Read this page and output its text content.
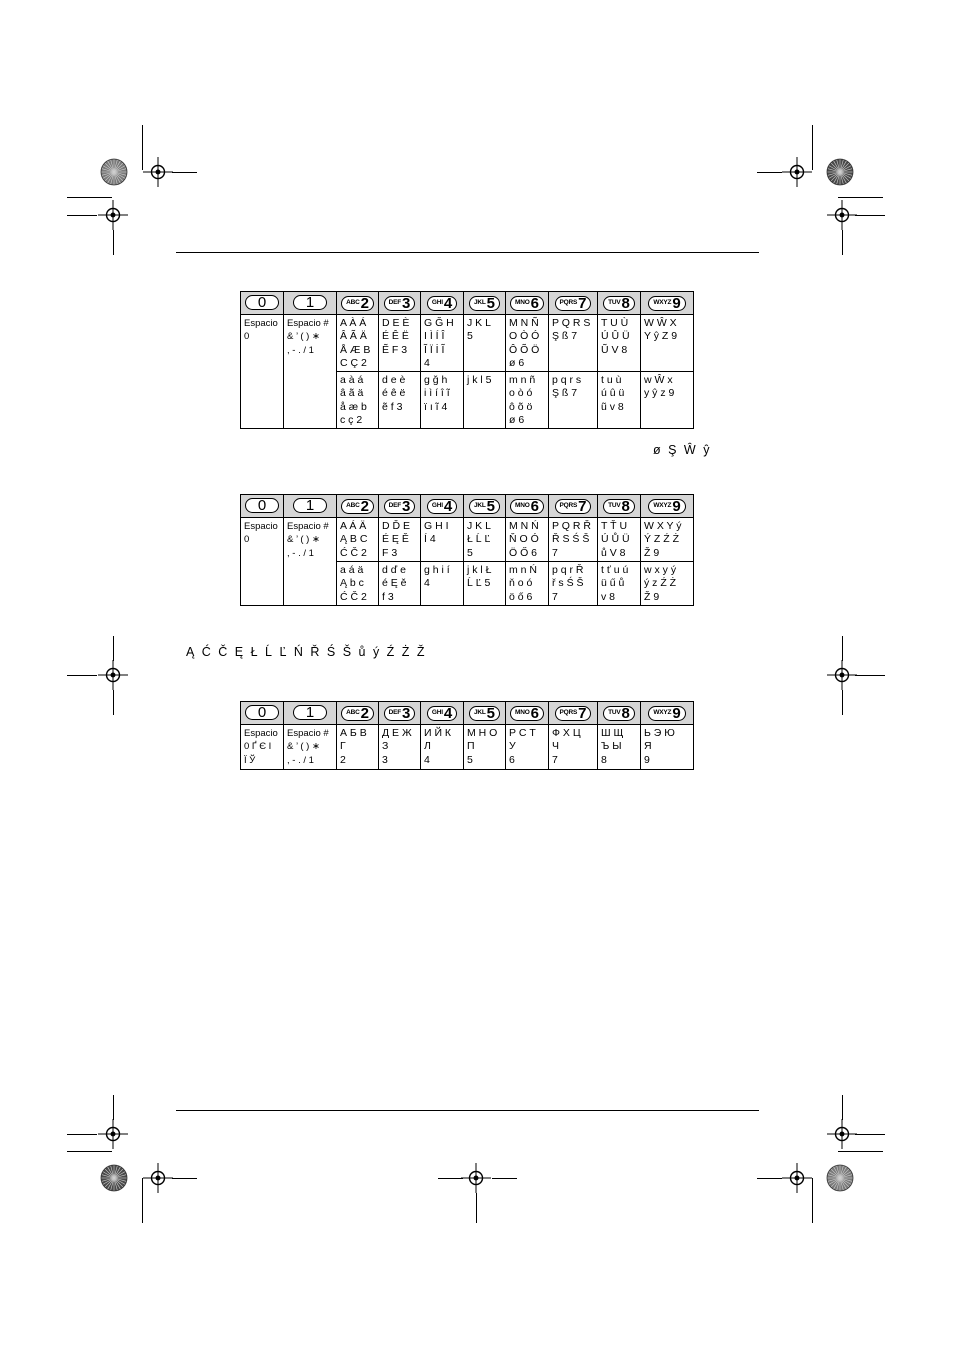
0	1	ABC 2	DEF 3	GHI 4	JKL 5	MNO 6	PQRS 7	TUV 8	WXYZ 9

Espacio
0	Espacio #
& ’ ( ) ∗
, - . / 1	A À Á
Â Ã Ä
Å Æ B
C Ç 2	D E È
É Ê Ë
Ẽ F 3	G Ğ H
I Ì Í Î
Ĩ Ï İ Ĩ
4	J K L
5	M N Ñ
O Ò Ó
Ô Õ Ö
ø 6	P Q R S
Ş ß 7	T U Ù
Ú Û Ü
Ũ V 8	W Ŵ X
Y ŷ Z 9
		a à á
â ã ä
å æ b
c ç 2	d e è
é ê ë
ẽ f 3	g ğ h
i ì í î ĩ
ï ı ĩ 4	j k l 5	m n ñ
o ò ó
ô õ ö
ø 6	p q r s
Ş ß 7	t u ù
ú û ü
ũ v 8	w Ŵ x
y ŷ z 9
ø Ş Ŵ ŷ
0	1	ABC 2	DEF 3	GHI 4	JKL 5	MNO 6	PQRS 7	TUV 8	WXYZ 9

Espacio
0	Espacio #
& ’ ( ) ∗
, - . / 1	A Á Ä
Ą B C
Ć Č 2	D Ď E
É Ę Ě
F 3	G H I
Í 4	J K L
Ł Ĺ Ľ
5	M N Ń
Ň O Ó
Ö Ő 6	P Q R Ř
Ř S Ś Š
7	T Ť U
Ú Ů Ü
ů V 8	W X Y ý
Ý Z Ź Ż
Ž 9
		a á ä
Ą b c
Ć Č 2	d ď e
é Ę ě
f 3	g h i í
4	j k l Ł
Ĺ Ľ 5	m n Ń
ň o ó
ö ő 6	p q r Ř
ř s Ś Š
7	t ť u ú
ü ű ů
v 8	w x y ý
ý z Ź Ż
Ž 9
Ą Ć Č Ę Ł Ĺ Ľ Ń Ř Ś Š ů ý Ź Ż Ž
0	1	ABC 2	DEF 3	GHI 4	JKL 5	MNO 6	PQRS 7	TUV 8	WXYZ 9

Espacio
0 Ґ Є І
Ї Ў	Espacio #
& ’ ( ) ∗
, - . / 1	А Б В
Г
2	Д Е Ж
З
3	И Й К
Л
4	М Н О
П
5	Р С Т
У
6	Ф Х Ц
Ч
7	Ш Щ
Ъ Ы
8	Ь Э Ю
Я
9
